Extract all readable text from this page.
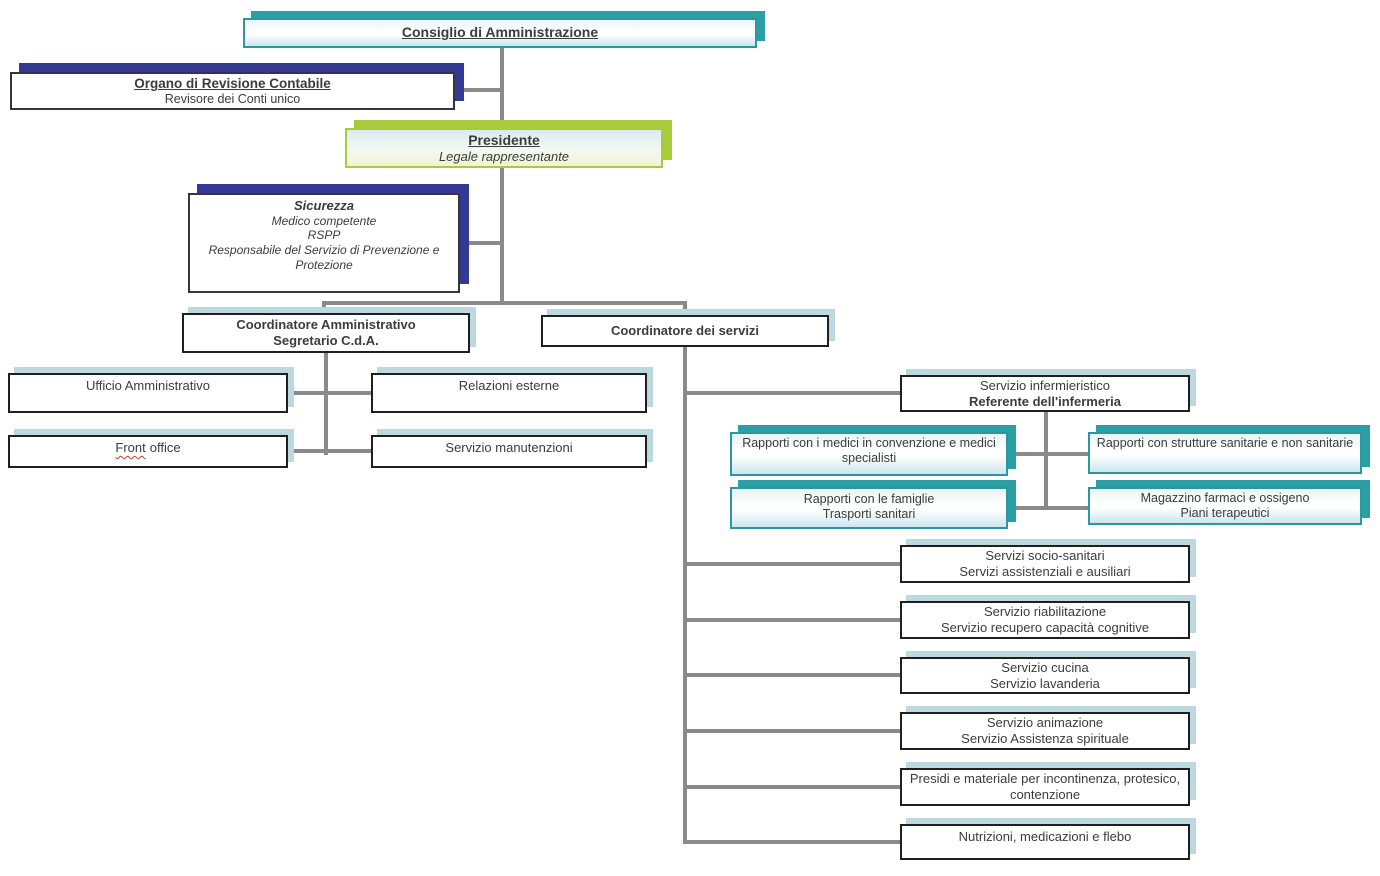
Consiglio di Amministrazione
Organo di Revisione Contabile
Revisore dei Conti unico
Presidente
Legale rappresentante
Sicurezza
Medico competente
RSPP
Responsabile del Servizio di Prevenzione e Protezione
Coordinatore Amministrativo
Segretario C.d.A.
Coordinatore dei servizi
Ufficio Amministrativo	Relazioni esterne
Front office	Servizio manutenzioni
Servizio infermieristico
Referente dell'infermeria
Rapporti con i medici in convenzione e medici specialisti
Rapporti con strutture sanitarie e non sanitarie
Rapporti con le famiglie
Trasporti sanitari
Magazzino farmaci e ossigeno
Piani terapeutici
Servizi socio-sanitari
Servizi assistenziali e ausiliari
Servizio riabilitazione
Servizio recupero capacità cognitive
Servizio cucina
Servizio lavanderia
Servizio animazione
Servizio Assistenza spirituale
Presidi e materiale per incontinenza, protesico, contenzione
Nutrizioni, medicazioni e flebo
